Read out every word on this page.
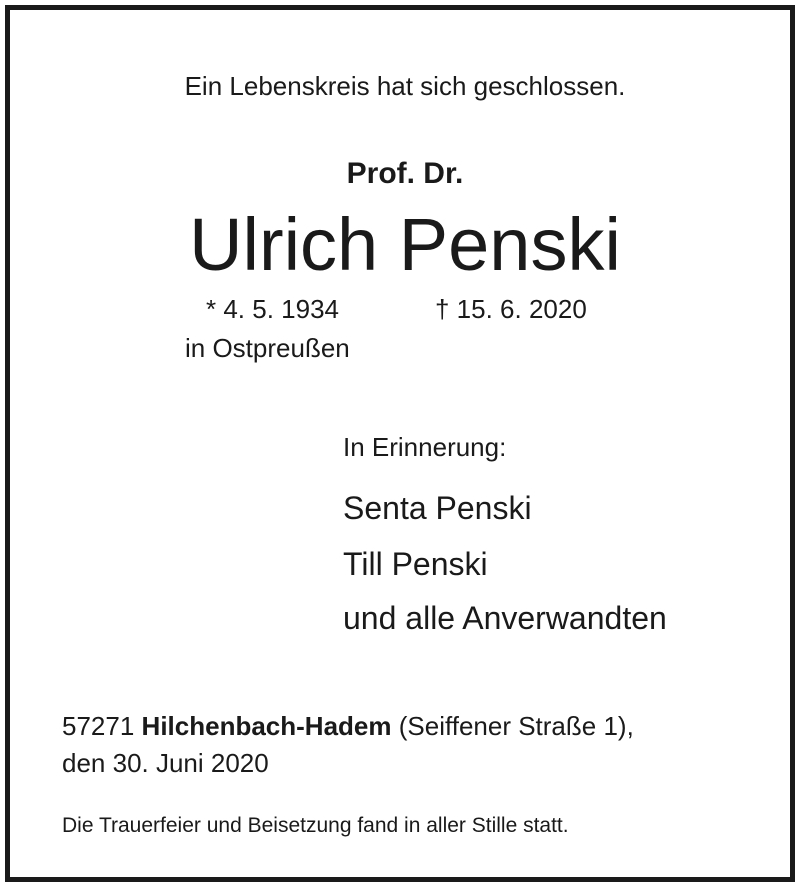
Ein Lebenskreis hat sich geschlossen.
Prof. Dr.
Ulrich Penski
* 4. 5. 1934
in Ostpreußen
† 15. 6. 2020
In Erinnerung:
Senta Penski
Till Penski
und alle Anverwandten
57271 Hilchenbach-Hadem (Seiffener Straße 1),
den 30. Juni 2020
Die Trauerfeier und Beisetzung fand in aller Stille statt.
